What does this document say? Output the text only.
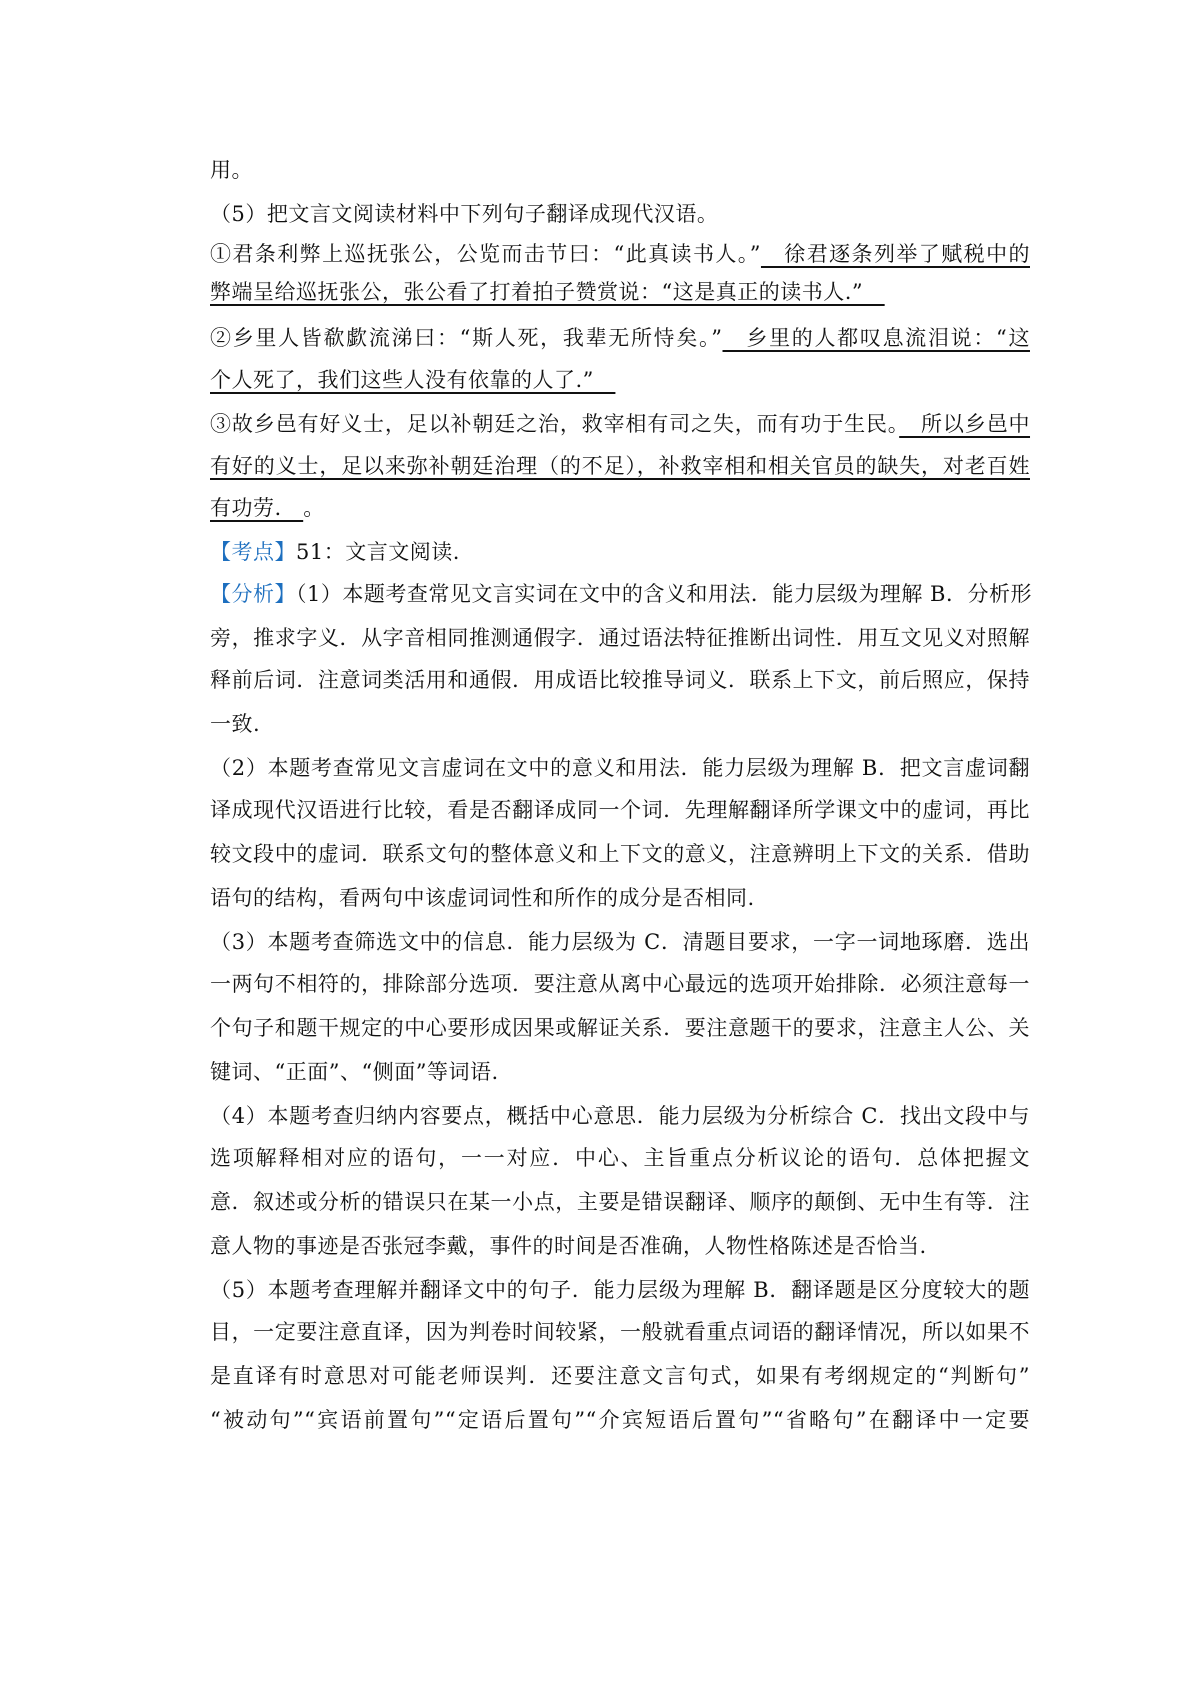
用。
（5）把文言文阅读材料中下列句子翻译成现代汉语。
①君条利弊上巡抚张公，公览而击节曰：“此真读书人。”　徐君逐条列举了赋税中的
弊端呈给巡抚张公，张公看了打着拍子赞赏说：“这是真正的读书人.”　
②乡里人皆欷歔流涕曰：“斯人死，我辈无所恃矣。”　乡里的人都叹息流泪说：“这
个人死了，我们这些人没有依靠的人了.”　
③故乡邑有好义士，足以补朝廷之治，救宰相有司之失，而有功于生民。　所以乡邑中
有好的义士，足以来弥补朝廷治理（的不足），补救宰相和相关官员的缺失，对老百姓
有功劳.　。
【考点】51：文言文阅读.
【分析】（1）本题考查常见文言实词在文中的含义和用法．能力层级为理解 B．分析形
旁，推求字义．从字音相同推测通假字．通过语法特征推断出词性．用互文见义对照解
释前后词．注意词类活用和通假．用成语比较推导词义．联系上下文，前后照应，保持
一致.
（2）本题考查常见文言虚词在文中的意义和用法．能力层级为理解 B．把文言虚词翻
译成现代汉语进行比较，看是否翻译成同一个词．先理解翻译所学课文中的虚词，再比
较文段中的虚词．联系文句的整体意义和上下文的意义，注意辨明上下文的关系．借助
语句的结构，看两句中该虚词词性和所作的成分是否相同.
（3）本题考查筛选文中的信息．能力层级为 C．清题目要求，一字一词地琢磨．选出
一两句不相符的，排除部分选项．要注意从离中心最远的选项开始排除．必须注意每一
个句子和题干规定的中心要形成因果或解证关系．要注意题干的要求，注意主人公、关
键词、“正面”、“侧面”等词语.
（4）本题考查归纳内容要点，概括中心意思．能力层级为分析综合 C．找出文段中与
选项解释相对应的语句，一一对应．中心、主旨重点分析议论的语句．总体把握文
意．叙述或分析的错误只在某一小点，主要是错误翻译、顺序的颠倒、无中生有等．注
意人物的事迹是否张冠李戴，事件的时间是否准确，人物性格陈述是否恰当.
（5）本题考查理解并翻译文中的句子．能力层级为理解 B．翻译题是区分度较大的题
目，一定要注意直译，因为判卷时间较紧，一般就看重点词语的翻译情况，所以如果不
是直译有时意思对可能老师误判．还要注意文言句式，如果有考纲规定的“判断句”
“被动句”“宾语前置句”“定语后置句”“介宾短语后置句”“省略句”在翻译中一定要
